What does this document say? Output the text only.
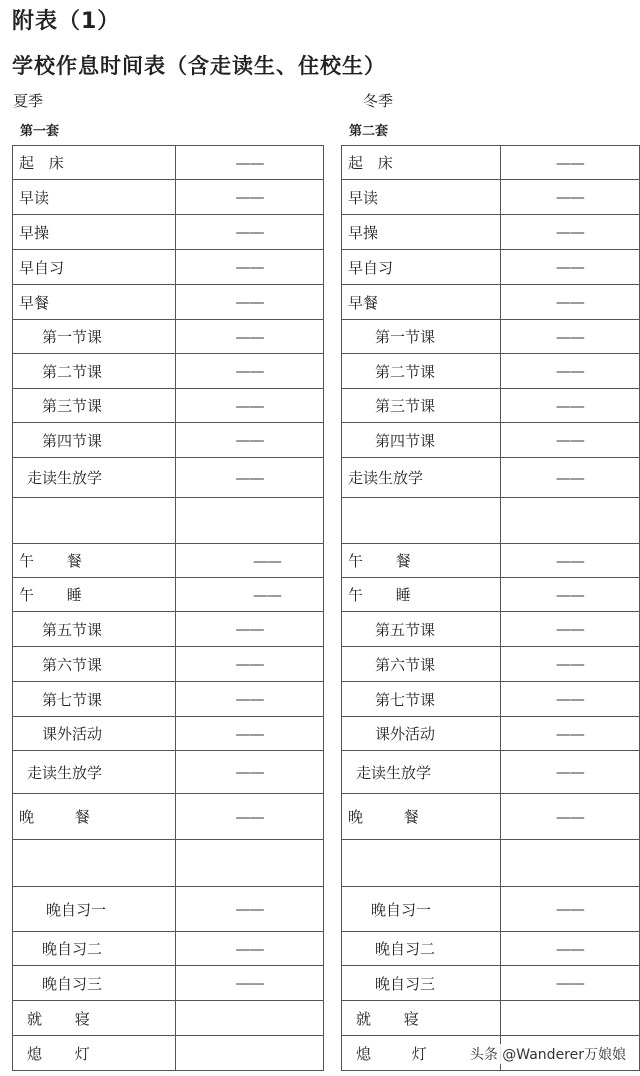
附表（1）
学校作息时间表（含走读生、住校生）
夏季	冬季
第一套	第二套
起 床	——
早读	——
早操	——
早自习	——
早餐	——
第一节课	——
第二节课	——
第三节课	——
第四节课	——
走读生放学	——

午 餐	——
午 睡	——
第五节课	——
第六节课	——
第七节课	——
课外活动	——
走读生放学	——
晚 餐	——

晚自习一	——
晚自习二	——
晚自习三	——
就 寝	
熄 灯	
起 床	——
早读	——
早操	——
早自习	——
早餐	——
第一节课	——
第二节课	——
第三节课	——
第四节课	——
走读生放学	——

午 餐	——
午 睡	——
第五节课	——
第六节课	——
第七节课	——
课外活动	——
走读生放学	——
晚 餐	——

晚自习一	——
晚自习二	——
晚自习三	——
就 寝	
熄 灯	头条 @Wanderer万娘娘
